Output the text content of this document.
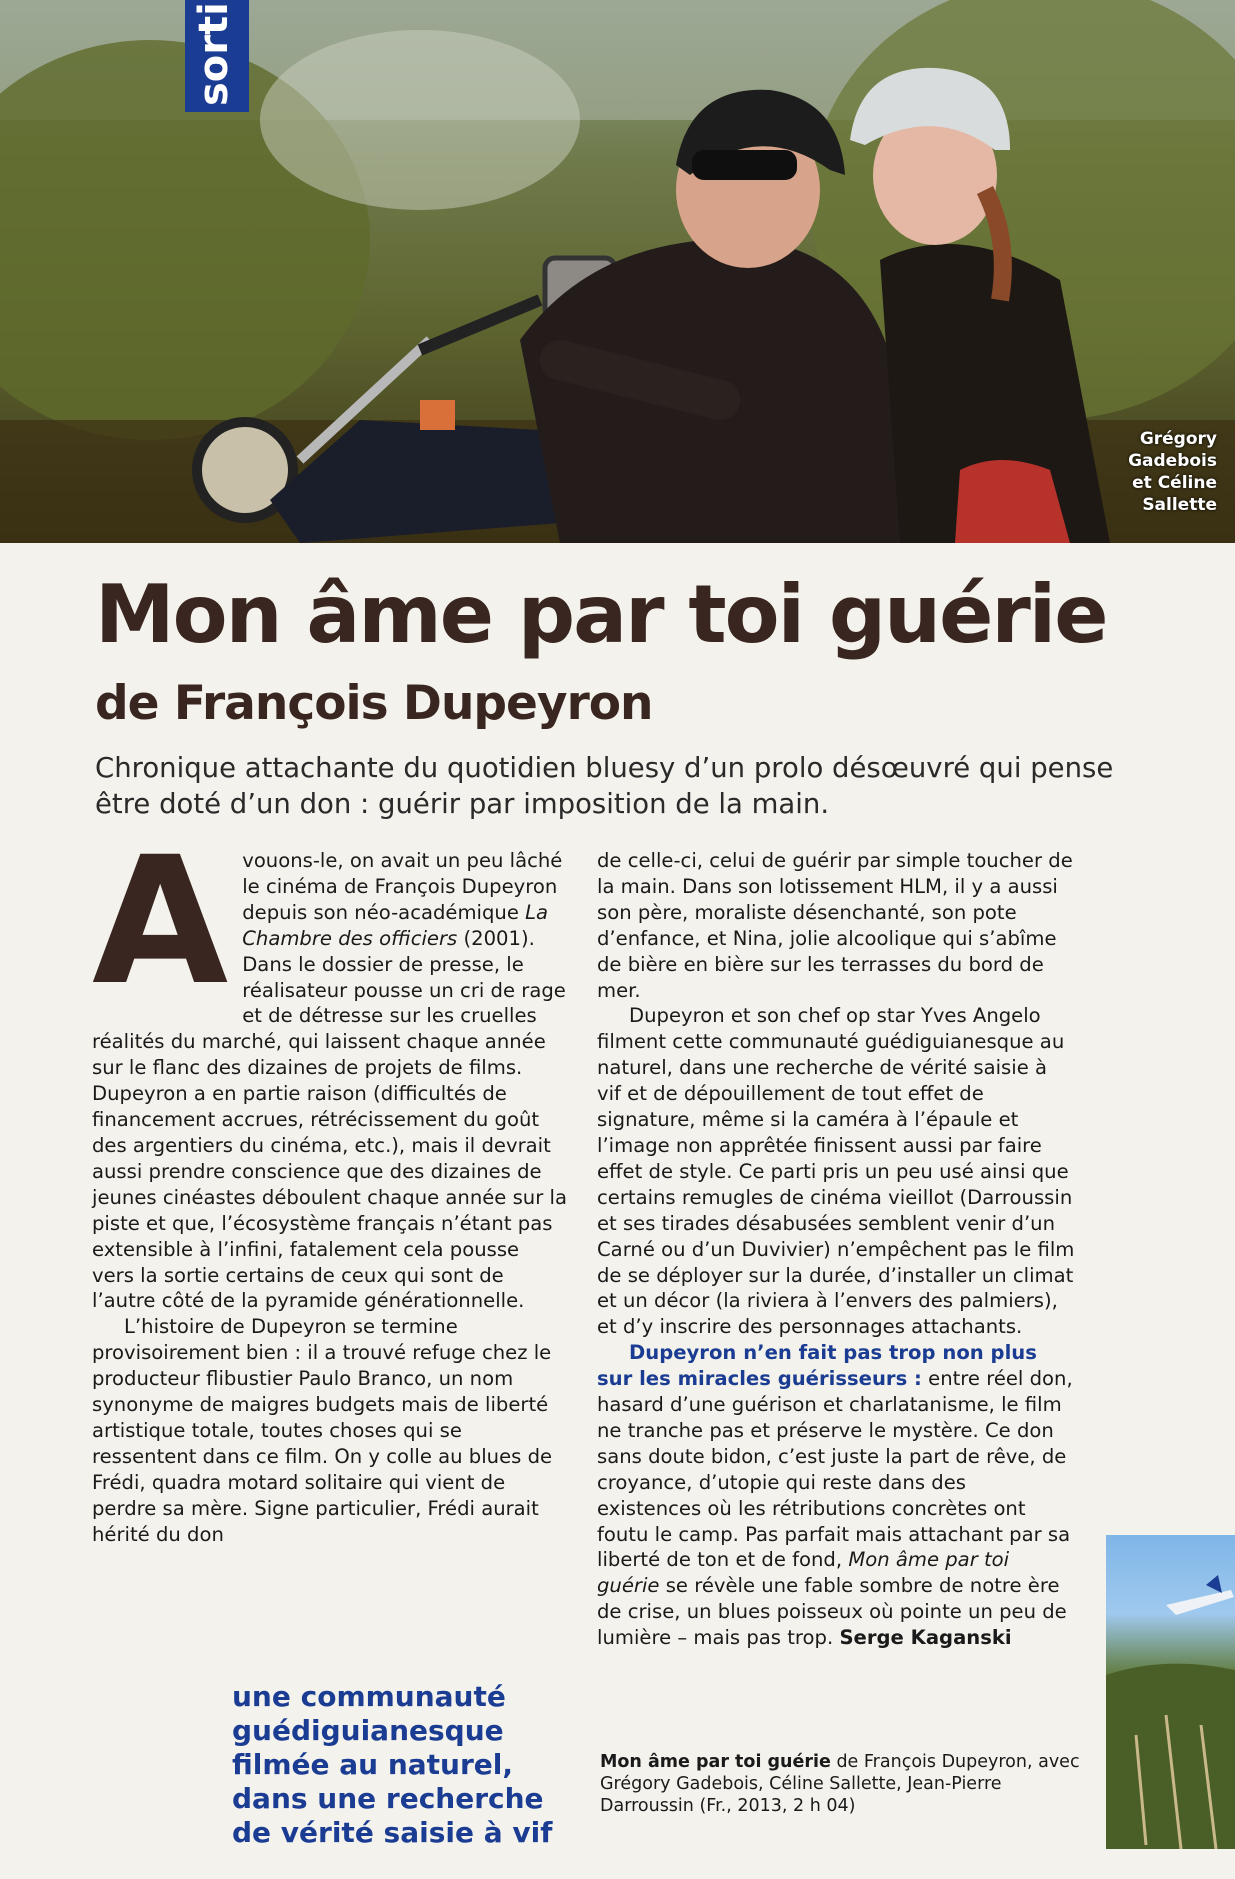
sorti
Grégory
Gadebois
et Céline
Sallette
Mon âme par toi guérie
de François Dupeyron

Chronique attachante du quotidien bluesy d’un prolo désœuvré qui pense être doté d’un don : guérir par imposition de la main.

Avouons-le, on avait un peu lâché le cinéma de François Dupeyron depuis son néo-académique La Chambre des officiers (2001). Dans le dossier de presse, le réalisateur pousse un cri de rage et de détresse sur les cruelles réalités du marché, qui laissent chaque année sur le flanc des dizaines de projets de films. Dupeyron a en partie raison (difficultés de financement accrues, rétrécissement du goût des argentiers du cinéma, etc.), mais il devrait aussi prendre conscience que des dizaines de jeunes cinéastes déboulent chaque année sur la piste et que, l’écosystème français n’étant pas extensible à l’infini, fatalement cela pousse vers la sortie certains de ceux qui sont de l’autre côté de la pyramide générationnelle.

L’histoire de Dupeyron se termine provisoirement bien : il a trouvé refuge chez le producteur flibustier Paulo Branco, un nom synonyme de maigres budgets mais de liberté artistique totale, toutes choses qui se ressentent dans ce film. On y colle au blues de Frédi, quadra motard solitaire qui vient de perdre sa mère. Signe particulier, Frédi aurait hérité du don

une communauté guédiguianesque filmée au naturel, dans une recherche de vérité saisie à vif

de celle-ci, celui de guérir par simple toucher de la main. Dans son lotissement HLM, il y a aussi son père, moraliste désenchanté, son pote d’enfance, et Nina, jolie alcoolique qui s’abîme de bière en bière sur les terrasses du bord de mer.

Dupeyron et son chef op star Yves Angelo filment cette communauté guédiguianesque au naturel, dans une recherche de vérité saisie à vif et de dépouillement de tout effet de signature, même si la caméra à l’épaule et l’image non apprêtée finissent aussi par faire effet de style. Ce parti pris un peu usé ainsi que certains remugles de cinéma vieillot (Darroussin et ses tirades désabusées semblent venir d’un Carné ou d’un Duvivier) n’empêchent pas le film de se déployer sur la durée, d’installer un climat et un décor (la riviera à l’envers des palmiers), et d’y inscrire des personnages attachants.

Dupeyron n’en fait pas trop non plus sur les miracles guérisseurs : entre réel don, hasard d’une guérison et charlatanisme, le film ne tranche pas et préserve le mystère. Ce don sans doute bidon, c’est juste la part de rêve, de croyance, d’utopie qui reste dans des existences où les rétributions concrètes ont foutu le camp. Pas parfait mais attachant par sa liberté de ton et de fond, Mon âme par toi guérie se révèle une fable sombre de notre ère de crise, un blues poisseux où pointe un peu de lumière – mais pas trop. Serge Kaganski

Mon âme par toi guérie de François Dupeyron, avec Grégory Gadebois, Céline Sallette, Jean-Pierre Darroussin (Fr., 2013, 2 h 04)
